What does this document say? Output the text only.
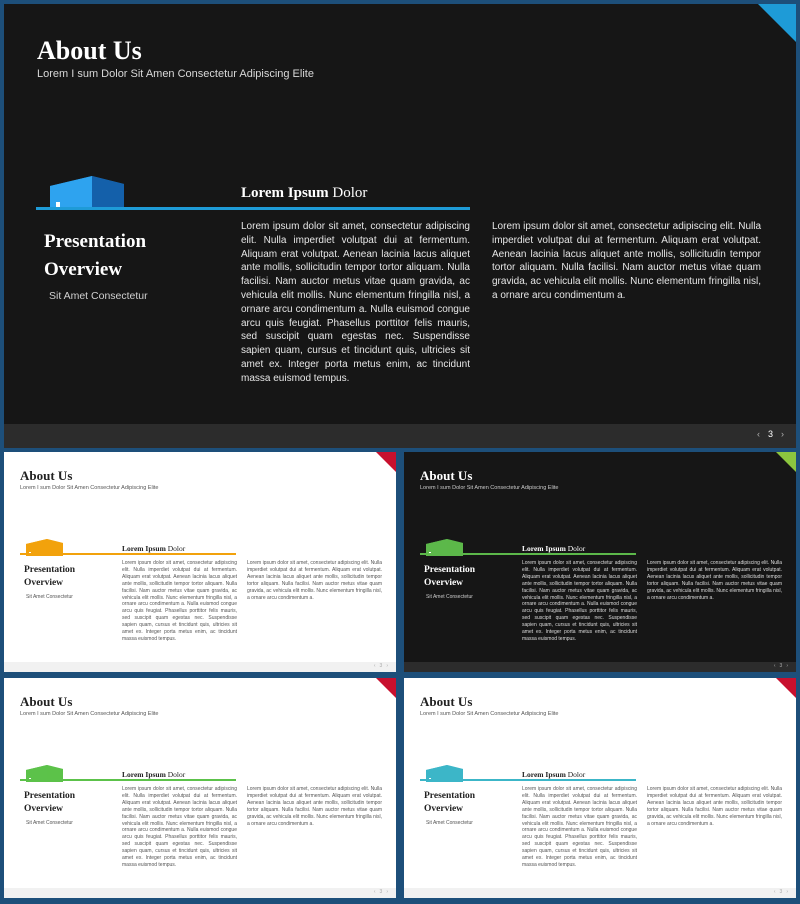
About Us
Lorem I sum Dolor Sit Amen Consectetur Adipiscing Elite
Lorem Ipsum Dolor
Presentation
Overview
Sit Amet Consectetur
Lorem ipsum dolor sit amet, consectetur adipiscing elit. Nulla imperdiet volutpat dui at fermentum. Aliquam erat volutpat. Aenean lacinia lacus aliquet ante mollis, sollicitudin tempor tortor aliquam. Nulla facilisi. Nam auctor metus vitae quam gravida, ac vehicula elit mollis. Nunc elementum fringilla nisl, a ornare arcu condimentum a. Nulla euismod congue arcu quis feugiat. Phasellus porttitor felis mauris, sed suscipit quam egestas nec. Suspendisse sapien quam, cursus et tincidunt quis, ultricies sit amet ex. Integer porta metus enim, ac tincidunt massa euismod tempus.
Lorem ipsum dolor sit amet, consectetur adipiscing elit. Nulla imperdiet volutpat dui at fermentum. Aliquam erat volutpat. Aenean lacinia lacus aliquet ante mollis, sollicitudin tempor tortor aliquam. Nulla facilisi. Nam auctor metus vitae quam gravida, ac vehicula elit mollis. Nunc elementum fringilla nisl, a ornare arcu condimentum a.
‹ 3 ›
About Us
Lorem I sum Dolor Sit Amen Consectetur Adipiscing Elite
Lorem Ipsum Dolor
Presentation
Overview
Sit Amet Consectetur
Lorem ipsum dolor sit amet, consectetur adipiscing elit. Nulla imperdiet volutpat dui at fermentum. Aliquam erat volutpat. Aenean lacinia lacus aliquet ante mollis, sollicitudin tempor tortor aliquam. Nulla facilisi. Nam auctor metus vitae quam gravida, ac vehicula elit mollis. Nunc elementum fringilla nisl, a ornare arcu condimentum a. Nulla euismod congue arcu quis feugiat. Phasellus porttitor felis mauris, sed suscipit quam egestas nec. Suspendisse sapien quam, cursus et tincidunt quis, ultricies sit amet ex. Integer porta metus enim, ac tincidunt massa euismod tempus.
Lorem ipsum dolor sit amet, consectetur adipiscing elit. Nulla imperdiet volutpat dui at fermentum. Aliquam erat volutpat. Aenean lacinia lacus aliquet ante mollis, sollicitudin tempor tortor aliquam. Nulla facilisi. Nam auctor metus vitae quam gravida, ac vehicula elit mollis. Nunc elementum fringilla nisl, a ornare arcu condimentum a.
‹ 3 ›
About Us
Lorem I sum Dolor Sit Amen Consectetur Adipiscing Elite
Lorem Ipsum Dolor
Presentation
Overview
Sit Amet Consectetur
Lorem ipsum dolor sit amet, consectetur adipiscing elit. Nulla imperdiet volutpat dui at fermentum. Aliquam erat volutpat. Aenean lacinia lacus aliquet ante mollis, sollicitudin tempor tortor aliquam. Nulla facilisi. Nam auctor metus vitae quam gravida, ac vehicula elit mollis. Nunc elementum fringilla nisl, a ornare arcu condimentum a. Nulla euismod congue arcu quis feugiat. Phasellus porttitor felis mauris, sed suscipit quam egestas nec. Suspendisse sapien quam, cursus et tincidunt quis, ultricies sit amet ex. Integer porta metus enim, ac tincidunt massa euismod tempus.
Lorem ipsum dolor sit amet, consectetur adipiscing elit. Nulla imperdiet volutpat dui at fermentum. Aliquam erat volutpat. Aenean lacinia lacus aliquet ante mollis, sollicitudin tempor tortor aliquam. Nulla facilisi. Nam auctor metus vitae quam gravida, ac vehicula elit mollis. Nunc elementum fringilla nisl, a ornare arcu condimentum a.
‹ 3 ›
About Us
Lorem I sum Dolor Sit Amen Consectetur Adipiscing Elite
Lorem Ipsum Dolor
Presentation
Overview
Sit Amet Consectetur
Lorem ipsum dolor sit amet, consectetur adipiscing elit. Nulla imperdiet volutpat dui at fermentum. Aliquam erat volutpat. Aenean lacinia lacus aliquet ante mollis, sollicitudin tempor tortor aliquam. Nulla facilisi. Nam auctor metus vitae quam gravida, ac vehicula elit mollis. Nunc elementum fringilla nisl, a ornare arcu condimentum a. Nulla euismod congue arcu quis feugiat. Phasellus porttitor felis mauris, sed suscipit quam egestas nec. Suspendisse sapien quam, cursus et tincidunt quis, ultricies sit amet ex. Integer porta metus enim, ac tincidunt massa euismod tempus.
Lorem ipsum dolor sit amet, consectetur adipiscing elit. Nulla imperdiet volutpat dui at fermentum. Aliquam erat volutpat. Aenean lacinia lacus aliquet ante mollis, sollicitudin tempor tortor aliquam. Nulla facilisi. Nam auctor metus vitae quam gravida, ac vehicula elit mollis. Nunc elementum fringilla nisl, a ornare arcu condimentum a.
‹ 3 ›
About Us
Lorem I sum Dolor Sit Amen Consectetur Adipiscing Elite
Lorem Ipsum Dolor
Presentation
Overview
Sit Amet Consectetur
Lorem ipsum dolor sit amet, consectetur adipiscing elit. Nulla imperdiet volutpat dui at fermentum. Aliquam erat volutpat. Aenean lacinia lacus aliquet ante mollis, sollicitudin tempor tortor aliquam. Nulla facilisi. Nam auctor metus vitae quam gravida, ac vehicula elit mollis. Nunc elementum fringilla nisl, a ornare arcu condimentum a. Nulla euismod congue arcu quis feugiat. Phasellus porttitor felis mauris, sed suscipit quam egestas nec. Suspendisse sapien quam, cursus et tincidunt quis, ultricies sit amet ex. Integer porta metus enim, ac tincidunt massa euismod tempus.
Lorem ipsum dolor sit amet, consectetur adipiscing elit. Nulla imperdiet volutpat dui at fermentum. Aliquam erat volutpat. Aenean lacinia lacus aliquet ante mollis, sollicitudin tempor tortor aliquam. Nulla facilisi. Nam auctor metus vitae quam gravida, ac vehicula elit mollis. Nunc elementum fringilla nisl, a ornare arcu condimentum a.
‹ 3 ›
